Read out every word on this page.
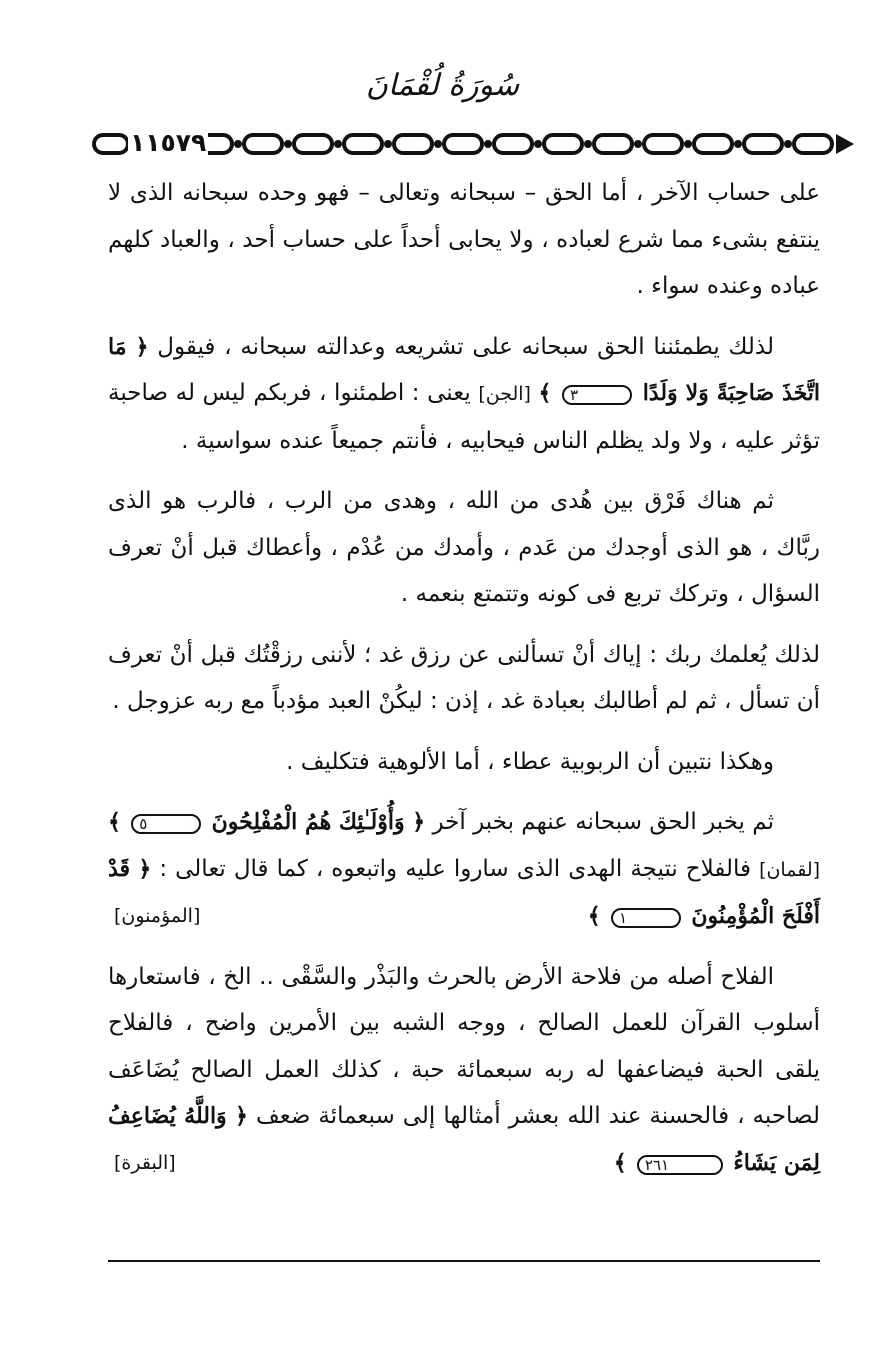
سُورَةُ لُقْمَانَ
١١٥٧٩

على حساب الآخر ، أما الحق – سبحانه وتعالى – فهو وحده سبحانه الذى لا ينتفع بشىء مما شرع لعباده ، ولا يحابى أحداً على حساب أحد ، والعباد كلهم عباده وعنده سواء .

لذلك يطمئننا الحق سبحانه على تشريعه وعدالته سبحانه ، فيقول ﴿ مَا اتَّخَذَ صَاحِبَةً وَلا وَلَدًا ٣ ﴾ [الجن] يعنى : اطمئنوا ، فربكم ليس له صاحبة تؤثر عليه ، ولا ولد يظلم الناس فيحابيه ، فأنتم جميعاً عنده سواسية .

ثم هناك فَرْق بين هُدى من الله ، وهدى من الرب ، فالرب هو الذى ربَّاك ، هو الذى أوجدك من عَدم ، وأمدك من عُدْم ، وأعطاك قبل أنْ تعرف السؤال ، وتركك تربع فى كونه وتتمتع بنعمه .

لذلك يُعلمك ربك : إياك أنْ تسألنى عن رزق غد ؛ لأننى رزقْتُك قبل أنْ تعرف أن تسأل ، ثم لم أطالبك بعبادة غد ، إذن : ليكُنْ العبد مؤدباً مع ربه عزوجل .

وهكذا نتبين أن الربوبية عطاء ، أما الألوهية فتكليف .

ثم يخبر الحق سبحانه عنهم بخبر آخر ﴿ وَأُوْلَـٰئِكَ هُمُ الْمُفْلِحُونَ ٥ ﴾ [لقمان] فالفلاح نتيجة الهدى الذى ساروا عليه واتبعوه ، كما قال تعالى : ﴿ قَدْ أَفْلَحَ الْمُؤْمِنُونَ ١ ﴾
[المؤمنون]

الفلاح أصله من فلاحة الأرض بالحرث والبَذْر والسَّقْى .. الخ ، فاستعارها أسلوب القرآن للعمل الصالح ، ووجه الشبه بين الأمرين واضح ، فالفلاح يلقى الحبة فيضاعفها له ربه سبعمائة حبة ، كذلك العمل الصالح يُضَاعَف لصاحبه ، فالحسنة عند الله بعشر أمثالها إلى سبعمائة ضعف ﴿ وَاللَّهُ يُضَاعِفُ لِمَن يَشَاءُ ٢٦١ ﴾
[البقرة]
